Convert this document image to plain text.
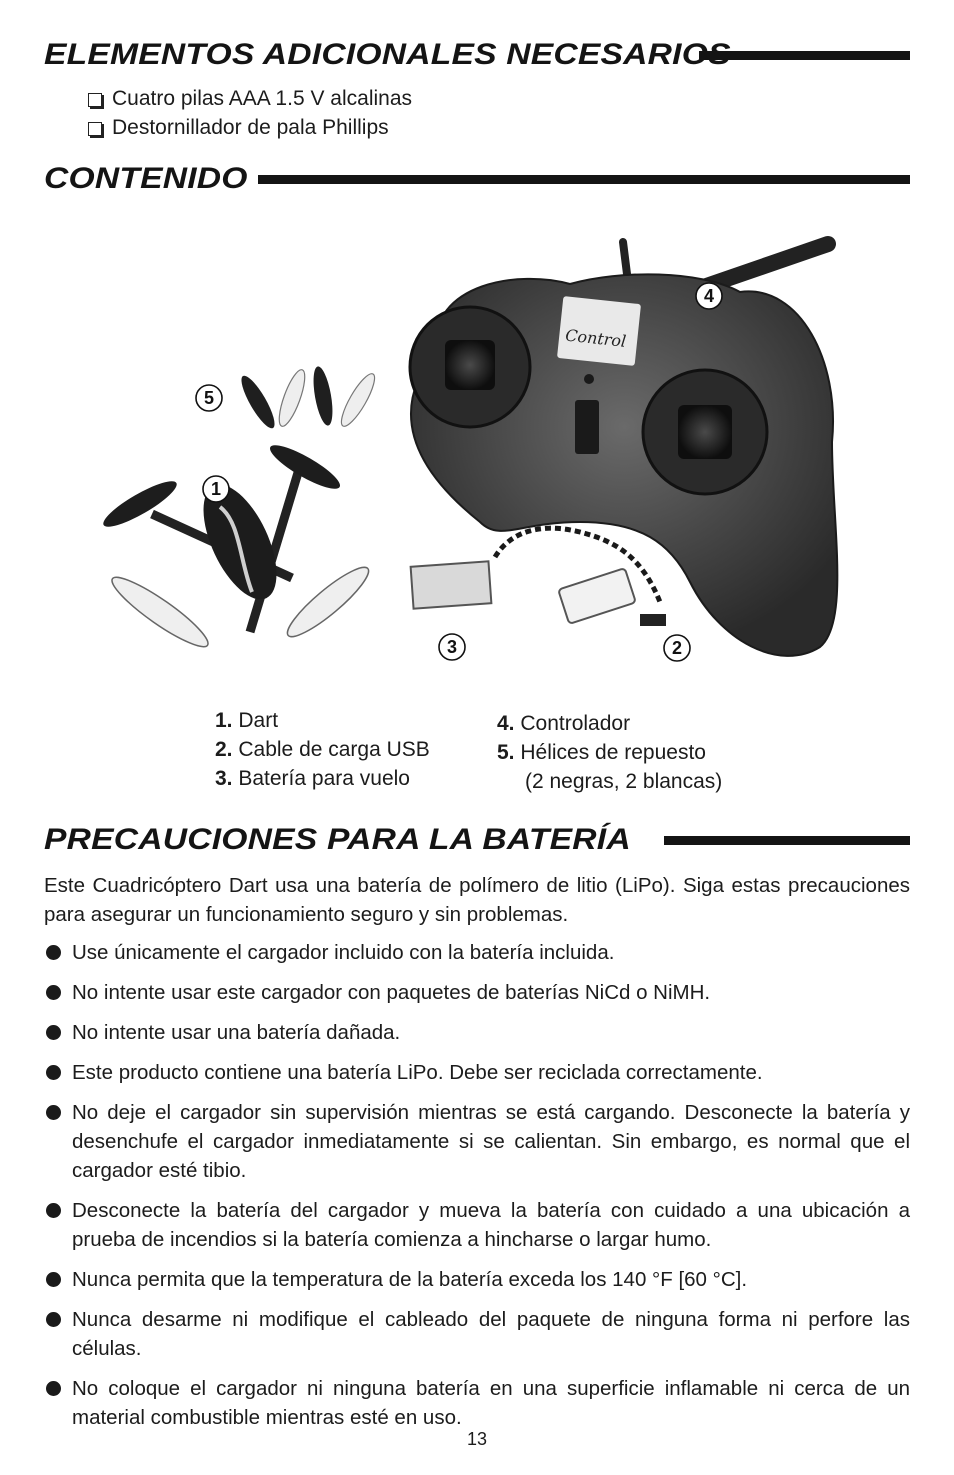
ELEMENTOS ADICIONALES NECESARIOS
Cuatro pilas AAA 1.5 V alcalinas
Destornillador de pala Phillips
CONTENIDO
Control
4
5
1
3	2
1. Dart
2. Cable de carga USB
3. Batería para vuelo
4. Controlador
5. Hélices de repuesto
(2 negras, 2 blancas)
PRECAUCIONES PARA LA BATERÍA
Este Cuadricóptero Dart usa una batería de polímero de litio (LiPo). Siga estas precauciones para asegurar un funcionamiento seguro y sin problemas.
Use únicamente el cargador incluido con la batería incluida.
No intente usar este cargador con paquetes de baterías NiCd o NiMH.
No intente usar una batería dañada.
Este producto contiene una batería LiPo. Debe ser reciclada correctamente.
No deje el cargador sin supervisión mientras se está cargando. Desconecte la batería y desenchufe el cargador inmediatamente si se calientan. Sin embargo, es normal que el cargador esté tibio.
Desconecte la batería del cargador y mueva la batería con cuidado a una ubicación a prueba de incendios si la batería comienza a hincharse o largar humo.
Nunca permita que la temperatura de la batería exceda los 140 °F [60 °C].
Nunca desarme ni modifique el cableado del paquete de ninguna forma ni perfore las células.
No coloque el cargador ni ninguna batería en una superficie inflamable ni cerca de un material combustible mientras esté en uso.
13
